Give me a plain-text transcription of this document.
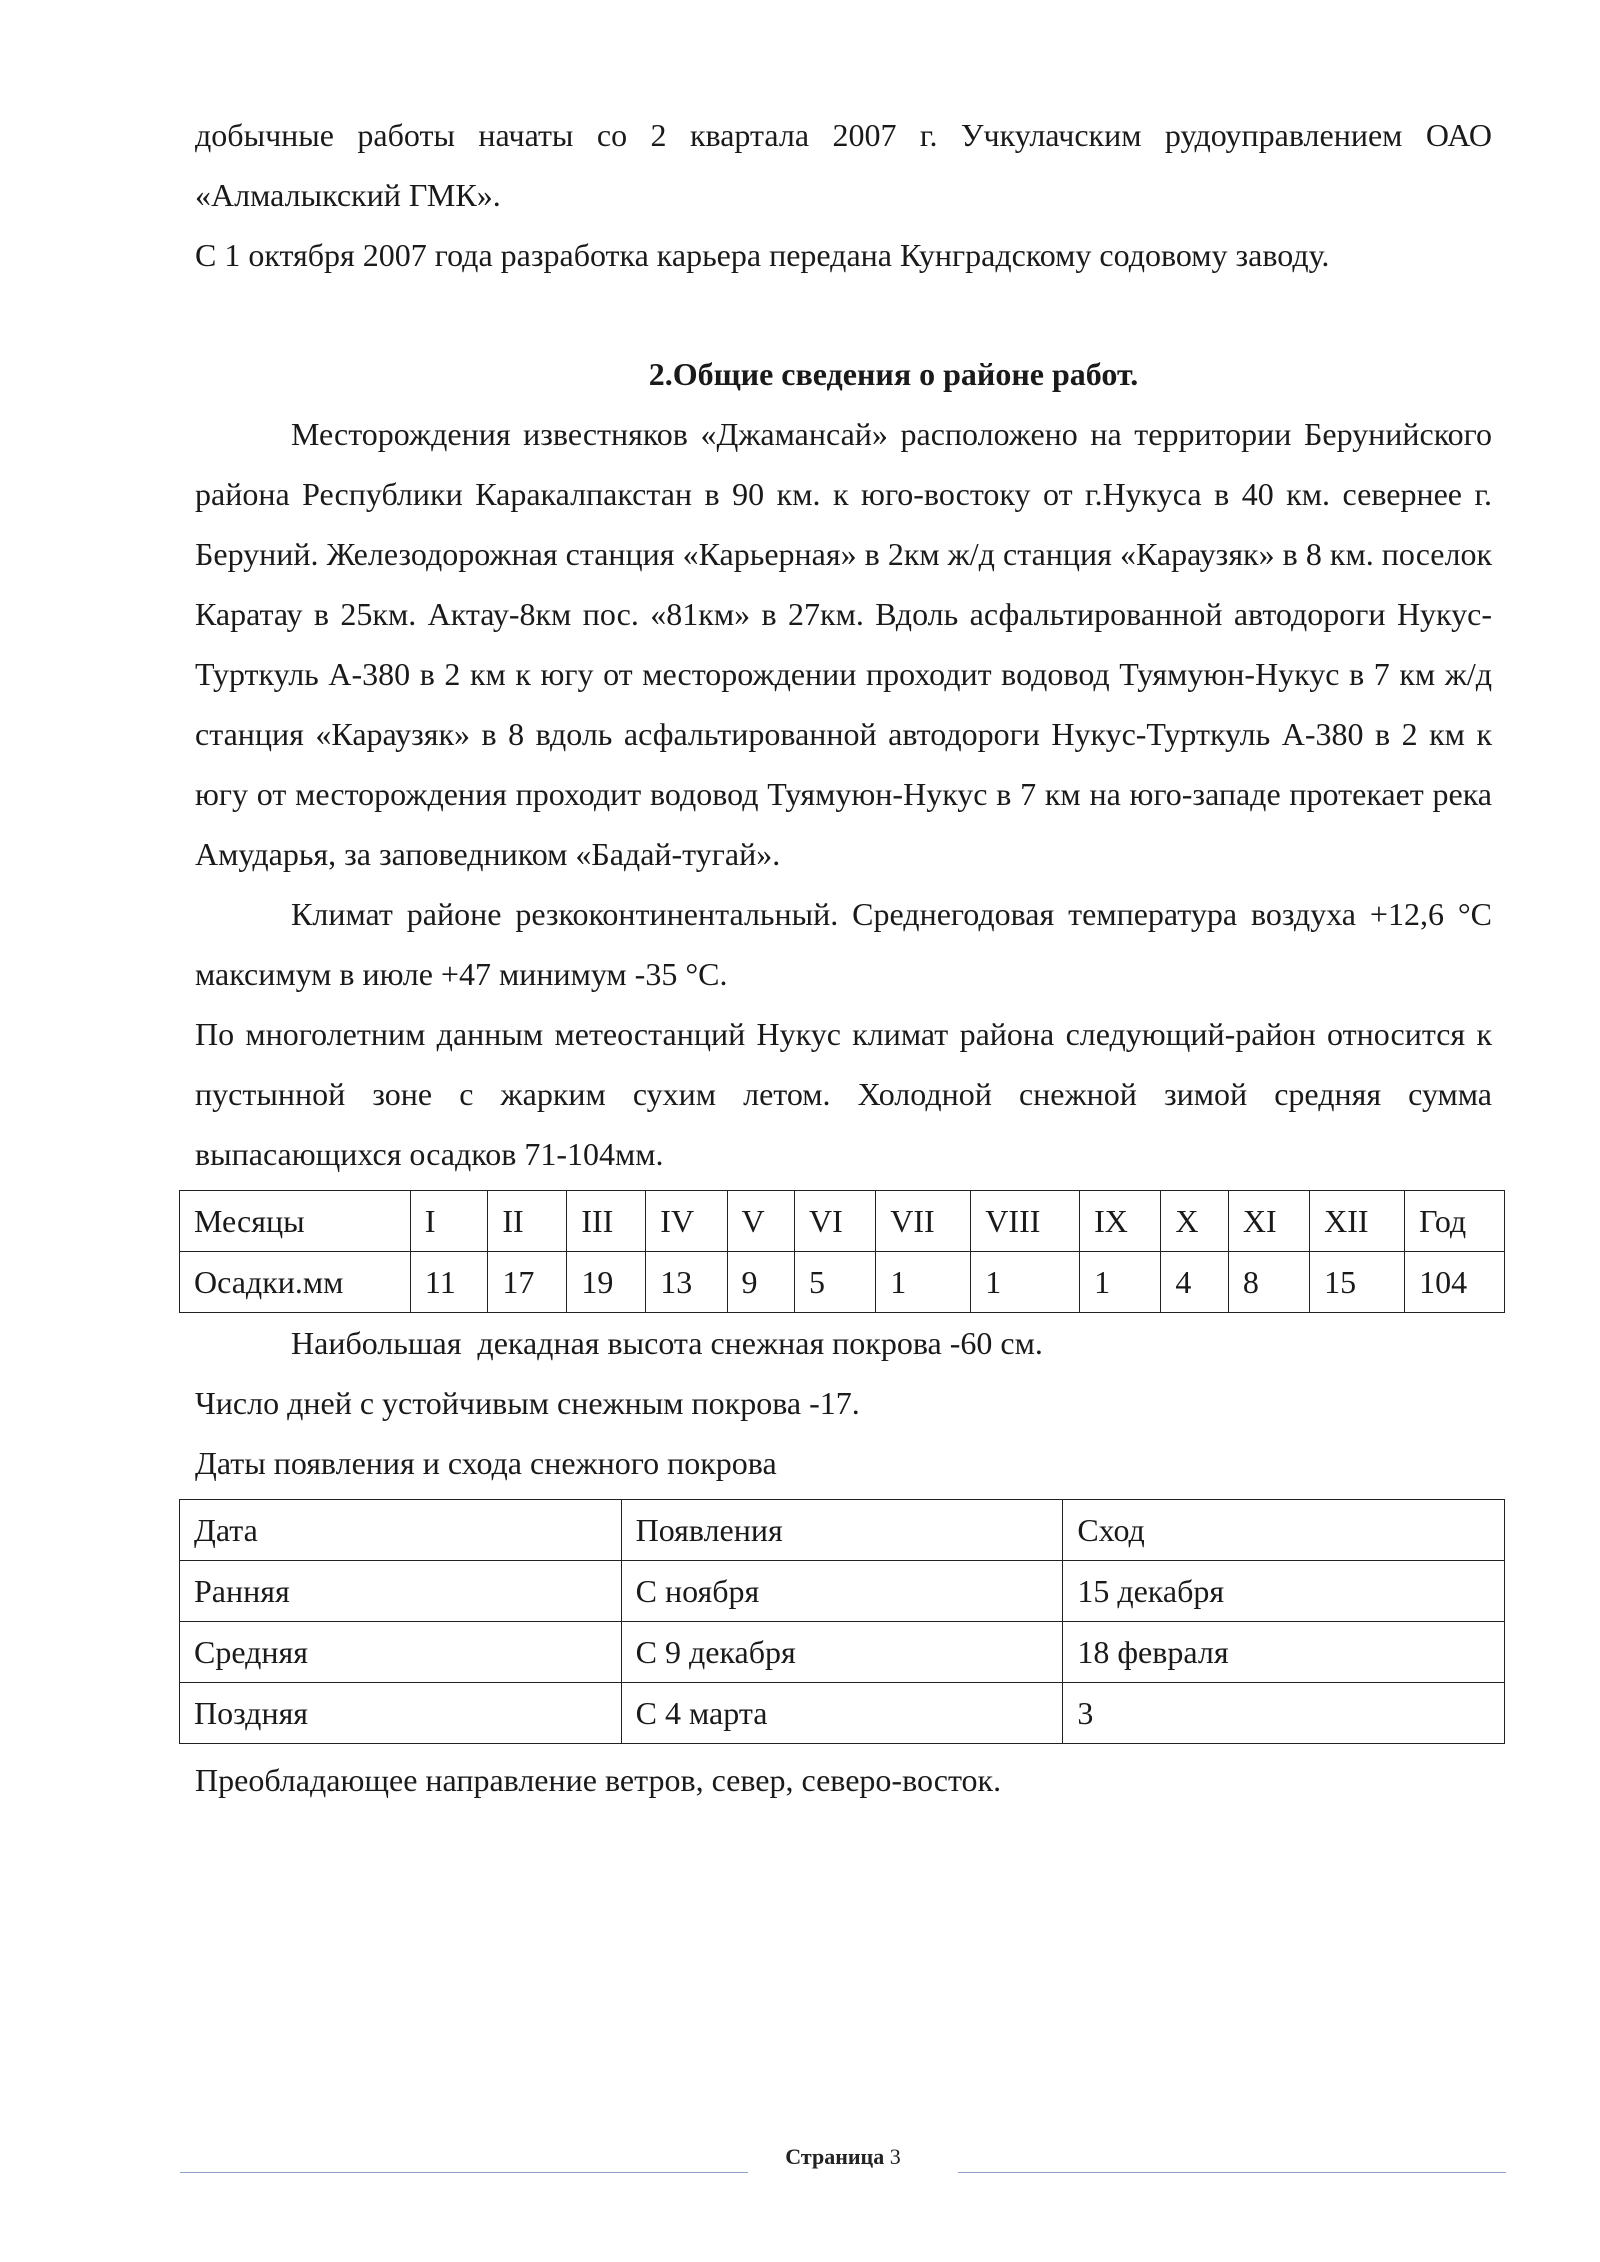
добычные работы начаты со 2 квартала 2007 г. Учкулачским рудоуправлением ОАО «Алмалыкский ГМК».

С 1 октября 2007 года разработка карьера передана Кунградскому содовому заводу.

2.Общие сведения о районе работ.

Месторождения известняков «Джамансай» расположено на территории Берунийского района Республики Каракалпакстан в 90 км. к юго-востоку от г.Нукуса в 40 км. севернее г. Беруний. Железодорожная станция «Карьерная» в 2км ж/д станция «Караузяк» в 8 км. поселок Каратау в 25км. Актау-8км пос. «81км» в 27км. Вдоль асфальтированной автодороги Нукус-Турткуль А-380 в 2 км к югу от месторождении проходит водовод Туямуюн-Нукус в 7 км ж/д станция «Караузяк» в 8 вдоль асфальтированной автодороги Нукус-Турткуль А-380 в 2 км к югу от месторождения проходит водовод Туямуюн-Нукус в 7 км на юго-западе протекает река Амударья, за заповедником «Бадай-тугай».

Климат районе резкоконтинентальный. Среднегодовая температура воздуха +12,6 °С максимум в июле +47 минимум -35 °С.

По многолетним данным метеостанций Нукус климат района следующий-район относится к пустынной зоне с жарким сухим летом. Холодной снежной зимой средняя сумма выпасающихся осадков 71-104мм.

Месяцы	I	II	III	IV	V	VI	VII	VIII	IX	X	XI	XII	Год
Осадки.мм	11	17	19	13	9	5	1	1	1	4	8	15	104

Наибольшая  декадная высота снежная покрова -60 см.

Число дней с устойчивым снежным покрова -17.

Даты появления и схода снежного покрова

Дата	Появления	Сход
Ранняя	С ноября	15 декабря
Средняя	С 9 декабря	18 февраля
Поздняя	С 4 марта	3

Преобладающее направление ветров, север, северо-восток.

Страница 3
